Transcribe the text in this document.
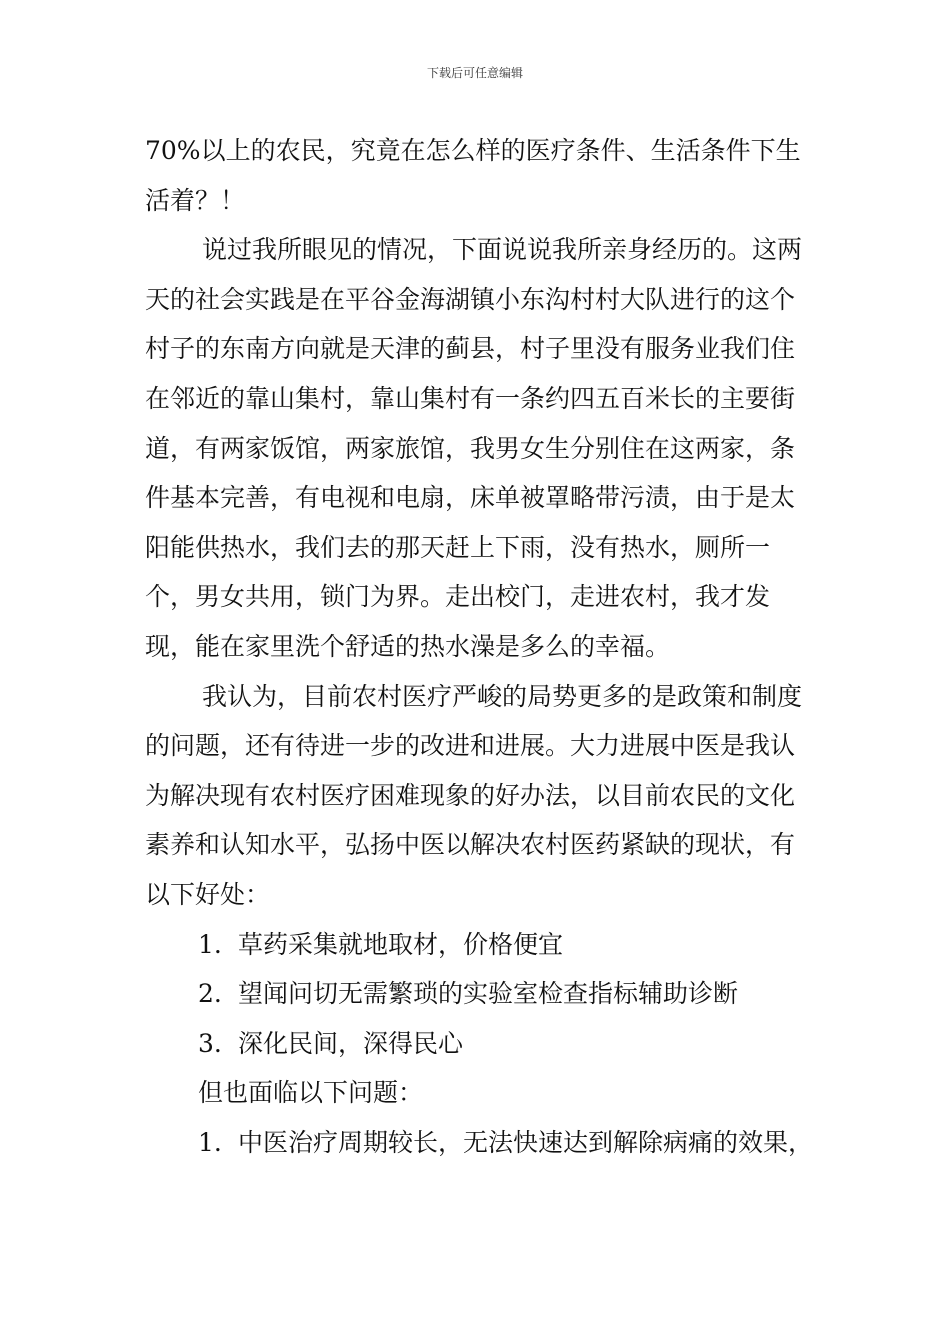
下载后可任意编辑

70%以上的农民，究竟在怎么样的医疗条件、生活条件下生活着？！

说过我所眼见的情况，下面说说我所亲身经历的。这两天的社会实践是在平谷金海湖镇小东沟村村大队进行的这个村子的东南方向就是天津的蓟县，村子里没有服务业我们住在邻近的靠山集村，靠山集村有一条约四五百米长的主要街道，有两家饭馆，两家旅馆，我男女生分别住在这两家，条件基本完善，有电视和电扇，床单被罩略带污渍，由于是太阳能供热水，我们去的那天赶上下雨，没有热水，厕所一个，男女共用，锁门为界。走出校门，走进农村，我才发现，能在家里洗个舒适的热水澡是多么的幸福。

我认为，目前农村医疗严峻的局势更多的是政策和制度的问题，还有待进一步的改进和进展。大力进展中医是我认为解决现有农村医疗困难现象的好办法，以目前农民的文化素养和认知水平，弘扬中医以解决农村医药紧缺的现状，有以下好处：

1. 草药采集就地取材，价格便宜

2. 望闻问切无需繁琐的实验室检查指标辅助诊断

3. 深化民间，深得民心

但也面临以下问题：

1. 中医治疗周期较长，无法快速达到解除病痛的效果，
